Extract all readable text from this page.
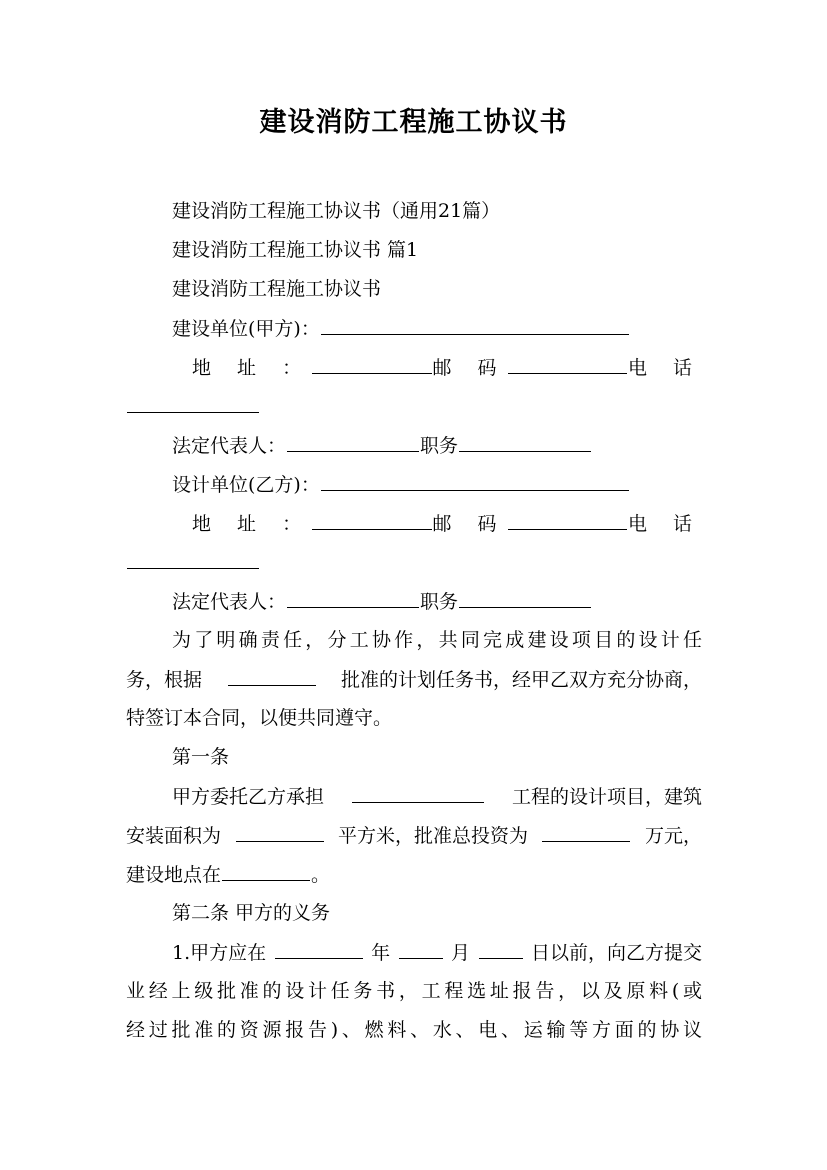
建设消防工程施工协议书
建设消防工程施工协议书（通用21篇）
建设消防工程施工协议书 篇1
建设消防工程施工协议书
建设单位(甲方)：
地 址 ：	邮 码	电 话
法定代表人：	职务
设计单位(乙方)：
地 址 ：	邮 码	电 话
法定代表人：	职务
为了明确责任，分工协作，共同完成建设项目的设计任
务，根据	批准的计划任务书，经甲乙双方充分协商，
特签订本合同，以便共同遵守。
第一条
甲方委托乙方承担	工程的设计项目，建筑
安装面积为	平方米，批准总投资为	万元，
建设地点在	。
第二条 甲方的义务
1.甲方应在	年	月	日以前，向乙方提交
业经上级批准的设计任务书，工程选址报告，以及原料(或
经过批准的资源报告)、燃料、水、电、运输等方面的协议
